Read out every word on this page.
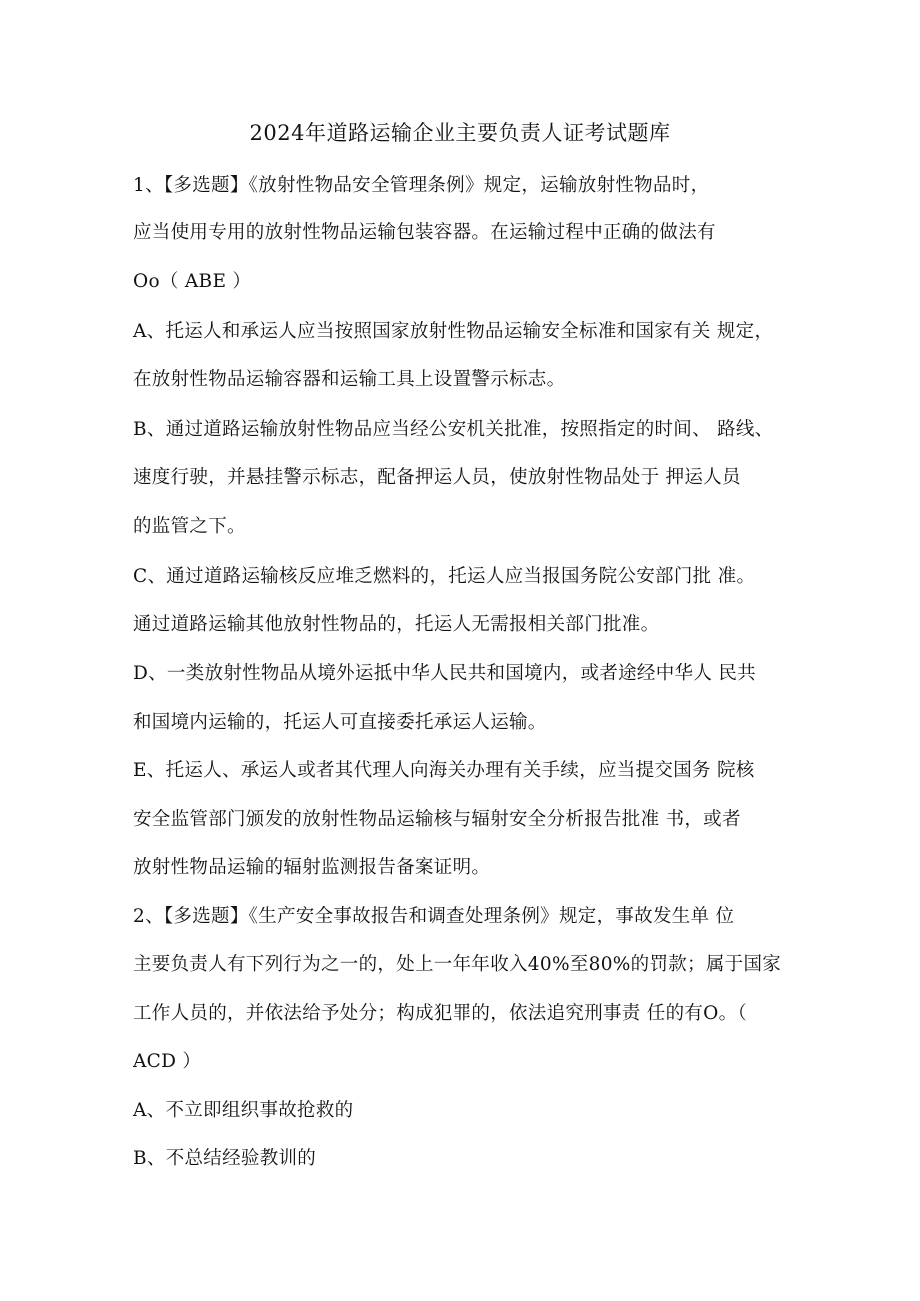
2024年道路运输企业主要负责人证考试题库
1、【多选题】《放射性物品安全管理条例》规定，运输放射性物品时，
应当使用专用的放射性物品运输包装容器。在运输过程中正确的做法有
Oo（ ABE ）
A、托运人和承运人应当按照国家放射性物品运输安全标准和国家有关 规定，
在放射性物品运输容器和运输工具上设置警示标志。
B、通过道路运输放射性物品应当经公安机关批准，按照指定的时间、 路线、
速度行驶，并悬挂警示标志，配备押运人员，使放射性物品处于 押运人员
的监管之下。
C、通过道路运输核反应堆乏燃料的，托运人应当报国务院公安部门批 准。
通过道路运输其他放射性物品的，托运人无需报相关部门批准。
D、一类放射性物品从境外运抵中华人民共和国境内，或者途经中华人 民共
和国境内运输的，托运人可直接委托承运人运输。
E、托运人、承运人或者其代理人向海关办理有关手续，应当提交国务 院核
安全监管部门颁发的放射性物品运输核与辐射安全分析报告批准 书，或者
放射性物品运输的辐射监测报告备案证明。
2、【多选题】《生产安全事故报告和调查处理条例》规定，事故发生单 位
主要负责人有下列行为之一的，处上一年年收入40%至80%的罚款；属于国家
工作人员的，并依法给予处分；构成犯罪的，依法追究刑事责 任的有O。（
ACD ）
A、不立即组织事故抢救的
B、不总结经验教训的
